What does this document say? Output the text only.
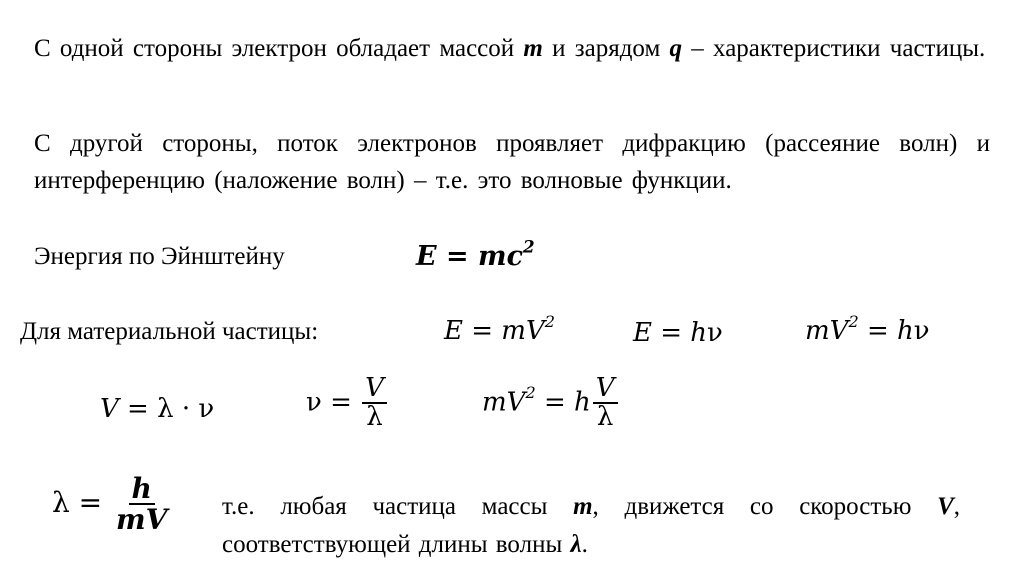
С одной стороны электрон обладает массой m и зарядом q – характеристики частицы.
С другой стороны, поток электронов проявляет дифракцию (рассеяние волн) и интерференцию (наложение волн) – т.е. это волновые функции.
Энергия по Эйнштейну	$E = mc^2$
Для материальной частицы:	$E = mV^2$	E = hν	$mV^2 = h\nu$
V = λ · ν	$\nu = \frac{V}{\lambda}$	$mV^2 = h \frac{V}{\lambda}$
$\lambda = \frac{h}{mV} т.е$. любая частица массы m, движется со скоростью V, соответствующей длины волны λ.
